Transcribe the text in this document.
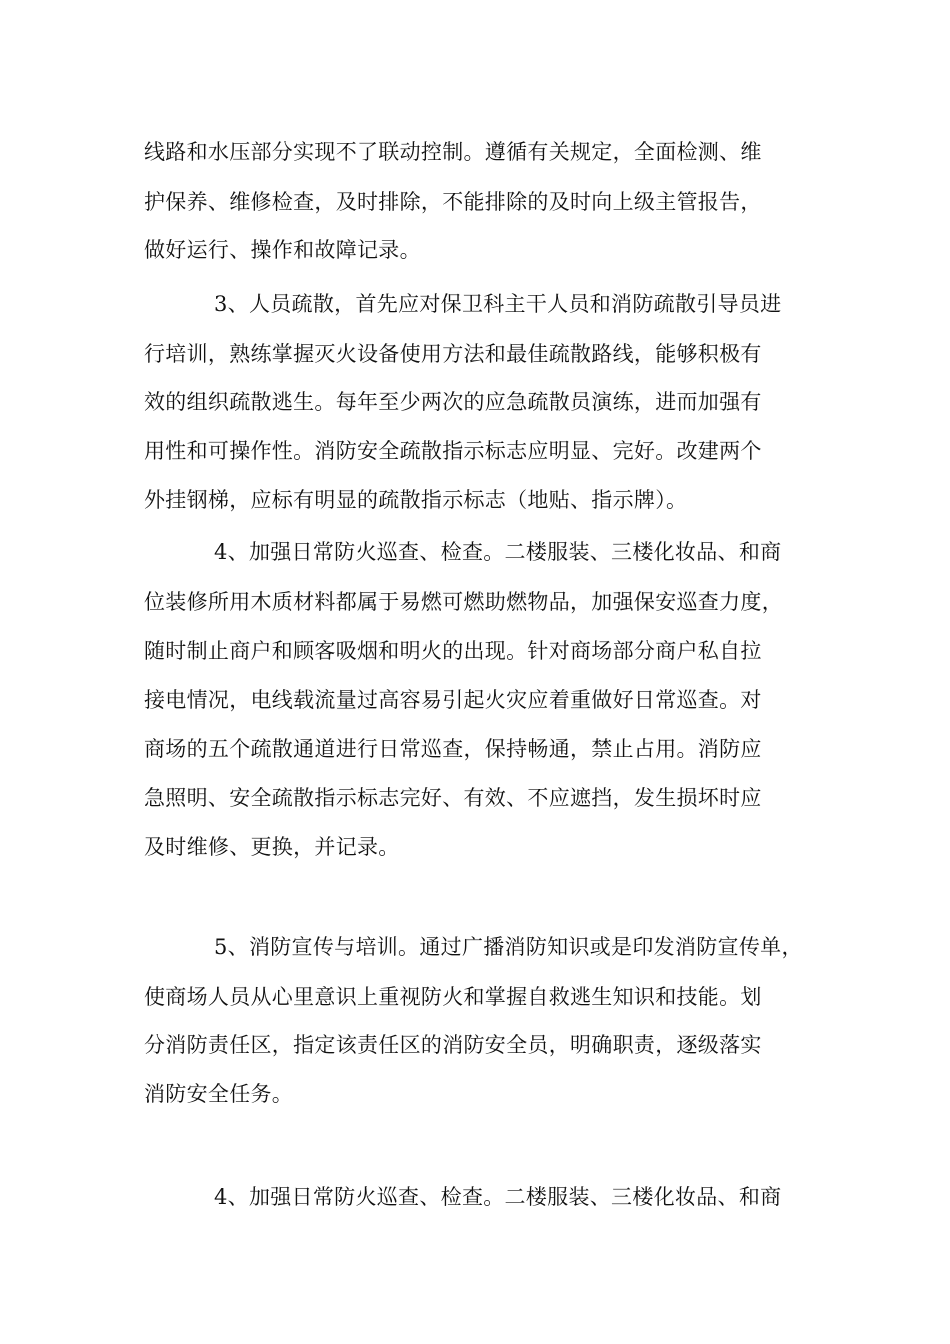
线路和水压部分实现不了联动控制。遵循有关规定，全面检测、维
护保养、维修检查，及时排除，不能排除的及时向上级主管报告，
做好运行、操作和故障记录。
3、人员疏散，首先应对保卫科主干人员和消防疏散引导员进
行培训，熟练掌握灭火设备使用方法和最佳疏散路线，能够积极有
效的组织疏散逃生。每年至少两次的应急疏散员演练，进而加强有
用性和可操作性。消防安全疏散指示标志应明显、完好。改建两个
外挂钢梯，应标有明显的疏散指示标志（地贴、指示牌）。
4、加强日常防火巡查、检查。二楼服装、三楼化妆品、和商
位装修所用木质材料都属于易燃可燃助燃物品，加强保安巡查力度，
随时制止商户和顾客吸烟和明火的出现。针对商场部分商户私自拉
接电情况，电线载流量过高容易引起火灾应着重做好日常巡查。对
商场的五个疏散通道进行日常巡查，保持畅通，禁止占用。消防应
急照明、安全疏散指示标志完好、有效、不应遮挡，发生损坏时应
及时维修、更换，并记录。
5、消防宣传与培训。通过广播消防知识或是印发消防宣传单，
使商场人员从心里意识上重视防火和掌握自救逃生知识和技能。划
分消防责任区，指定该责任区的消防安全员，明确职责，逐级落实
消防安全任务。
4、加强日常防火巡查、检查。二楼服装、三楼化妆品、和商
